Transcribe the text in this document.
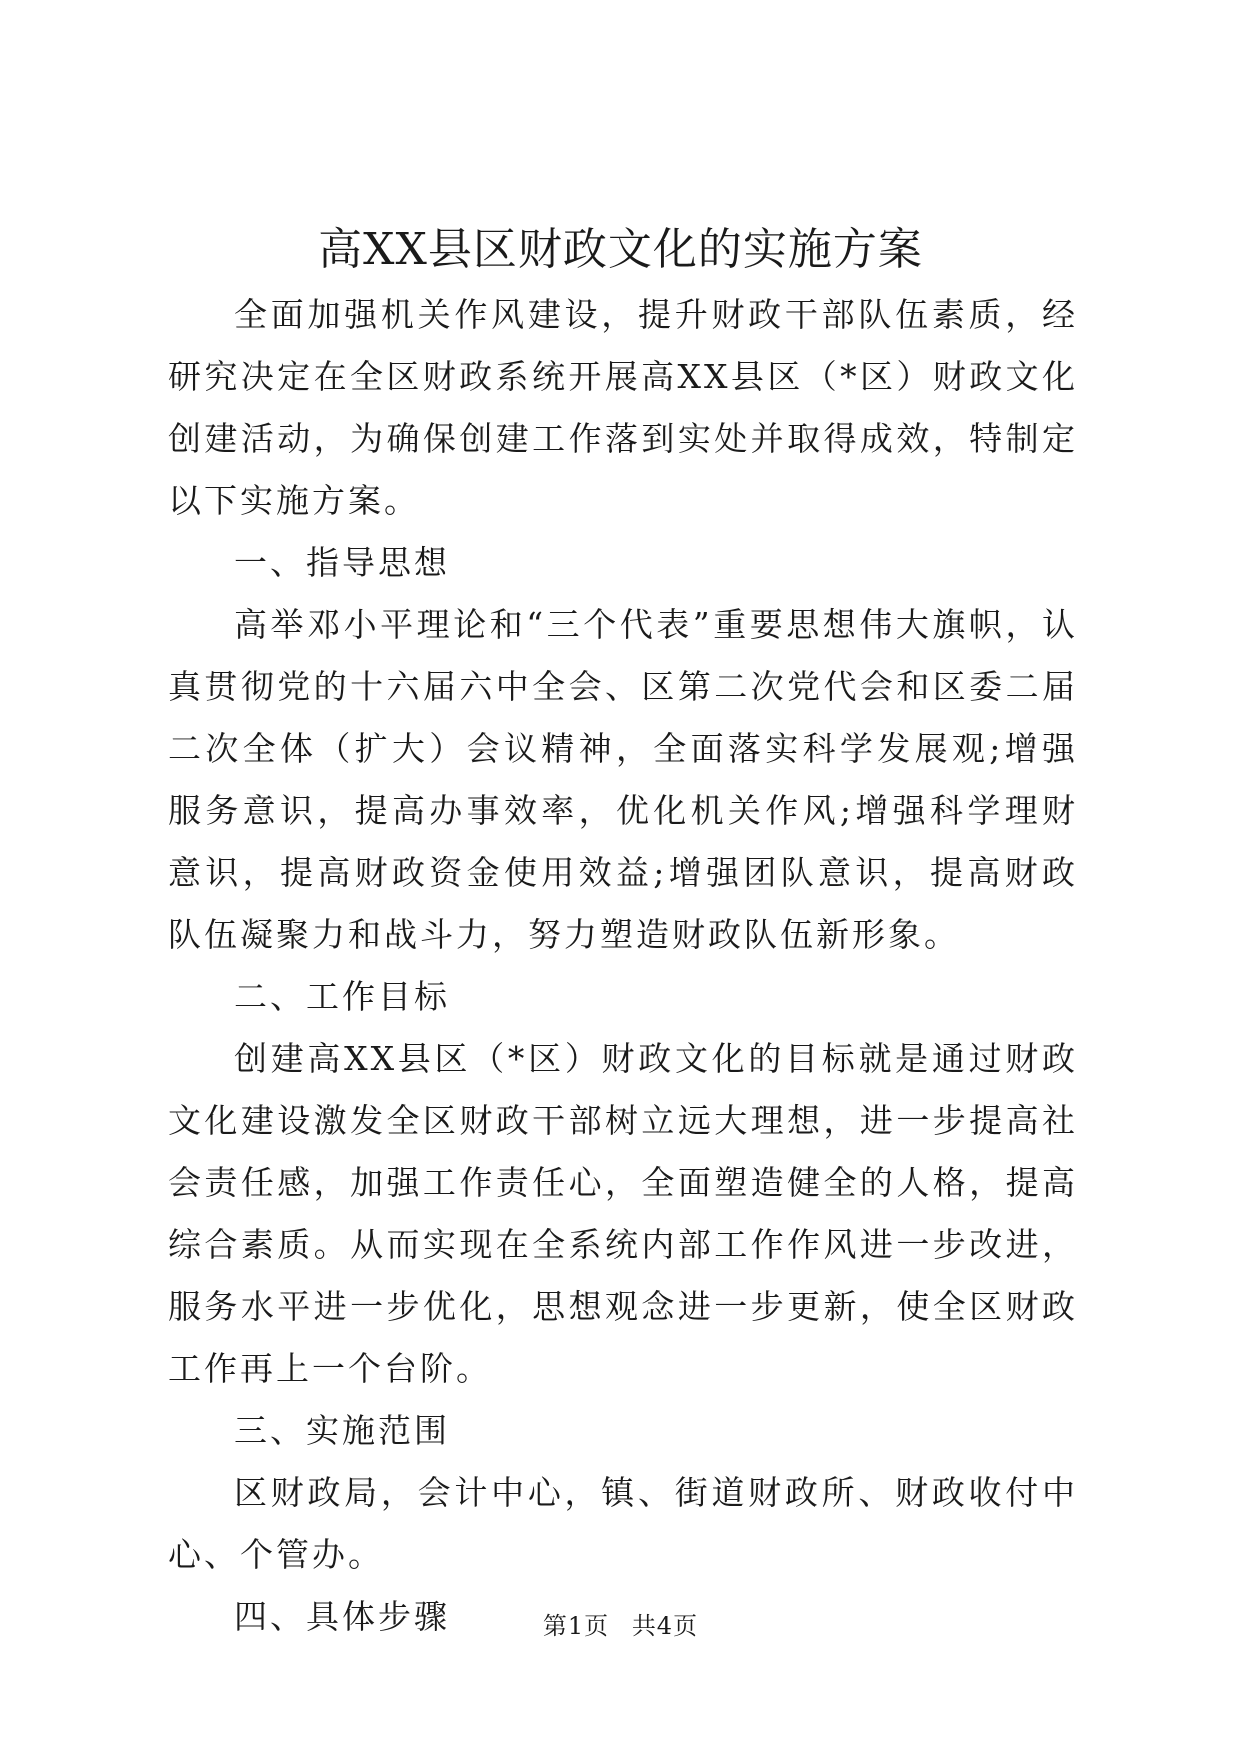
高XX县区财政文化的实施方案

全面加强机关作风建设，提升财政干部队伍素质，经研究决定在全区财政系统开展高XX县区（*区）财政文化创建活动，为确保创建工作落到实处并取得成效，特制定以下实施方案。

一、指导思想

高举邓小平理论和“三个代表”重要思想伟大旗帜，认真贯彻党的十六届六中全会、区第二次党代会和区委二届二次全体（扩大）会议精神，全面落实科学发展观;增强服务意识，提高办事效率，优化机关作风;增强科学理财意识，提高财政资金使用效益;增强团队意识，提高财政队伍凝聚力和战斗力，努力塑造财政队伍新形象。

二、工作目标

创建高XX县区（*区）财政文化的目标就是通过财政文化建设激发全区财政干部树立远大理想，进一步提高社会责任感，加强工作责任心，全面塑造健全的人格，提高综合素质。从而实现在全系统内部工作作风进一步改进，服务水平进一步优化，思想观念进一步更新，使全区财政工作再上一个台阶。

三、实施范围

区财政局，会计中心，镇、街道财政所、财政收付中心、个管办。

四、具体步骤	第1页 共4页
